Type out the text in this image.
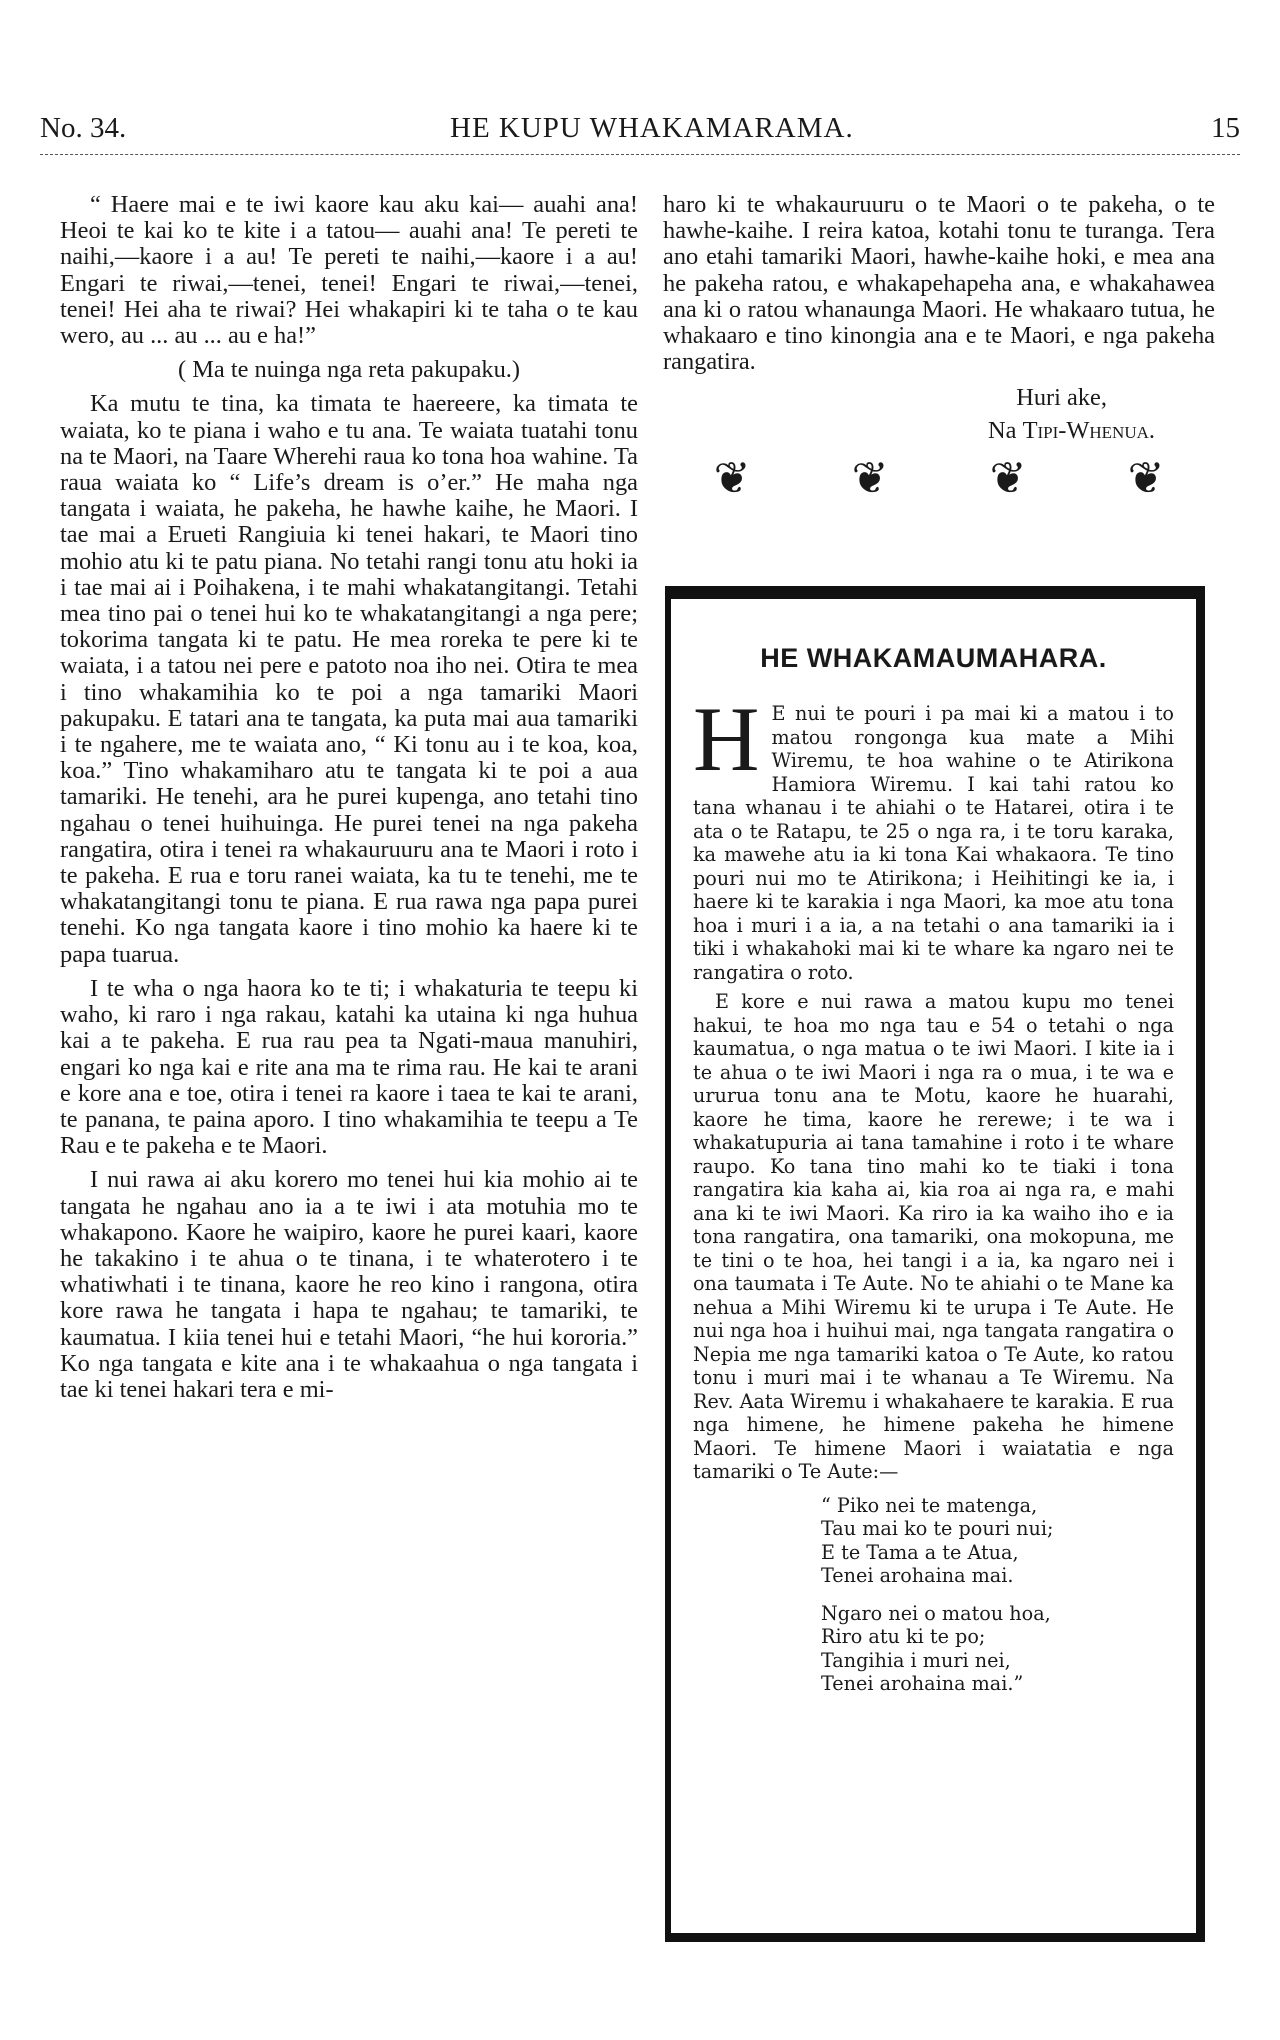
No. 34.	HE KUPU WHAKAMARAMA.	15

“ Haere mai e te iwi kaore kau aku kai— auahi ana! Heoi te kai ko te kite i a tatou— auahi ana! Te pereti te naihi,—kaore i a au! Te pereti te naihi,—kaore i a au! Engari te riwai,—tenei, tenei! Engari te riwai,—tenei, tenei! Hei aha te riwai? Hei whakapiri ki te taha o te kau wero, au ... au ... au e ha!”

( Ma te nuinga nga reta pakupaku.)

Ka mutu te tina, ka timata te haereere, ka timata te waiata, ko te piana i waho e tu ana. Te waiata tuatahi tonu na te Maori, na Taare Wherehi raua ko tona hoa wahine. Ta raua waiata ko “ Life’s dream is o’er.” He maha nga tangata i waiata, he pakeha, he hawhe kaihe, he Maori. I tae mai a Erueti Rangiuia ki tenei hakari, te Maori tino mohio atu ki te patu piana. No tetahi rangi tonu atu hoki ia i tae mai ai i Poihakena, i te mahi whakatangitangi. Tetahi mea tino pai o tenei hui ko te whakatangitangi a nga pere; tokorima tangata ki te patu. He mea roreka te pere ki te waiata, i a tatou nei pere e patoto noa iho nei. Otira te mea i tino whakamihia ko te poi a nga tamariki Maori pakupaku. E tatari ana te tangata, ka puta mai aua tamariki i te ngahere, me te waiata ano, “ Ki tonu au i te koa, koa, koa.” Tino whakamiharo atu te tangata ki te poi a aua tamariki. He tenehi, ara he purei kupenga, ano tetahi tino ngahau o tenei huihuinga. He purei tenei na nga pakeha rangatira, otira i tenei ra whakauruuru ana te Maori i roto i te pakeha. E rua e toru ranei waiata, ka tu te tenehi, me te whakatangitangi tonu te piana. E rua rawa nga papa purei tenehi. Ko nga tangata kaore i tino mohio ka haere ki te papa tuarua.

I te wha o nga haora ko te ti; i whakaturia te teepu ki waho, ki raro i nga rakau, katahi ka utaina ki nga huhua kai a te pakeha. E rua rau pea ta Ngati-maua manuhiri, engari ko nga kai e rite ana ma te rima rau. He kai te arani e kore ana e toe, otira i tenei ra kaore i taea te kai te arani, te panana, te paina aporo. I tino whakamihia te teepu a Te Rau e te pakeha e te Maori.

I nui rawa ai aku korero mo tenei hui kia mohio ai te tangata he ngahau ano ia a te iwi i ata motuhia mo te whakapono. Kaore he waipiro, kaore he purei kaari, kaore he takakino i te ahua o te tinana, i te whaterotero i te whatiwhati i te tinana, kaore he reo kino i rangona, otira kore rawa he tangata i hapa te ngahau; te tamariki, te kaumatua. I kiia tenei hui e tetahi Maori, “he hui kororia.” Ko nga tangata e kite ana i te whakaahua o nga tangata i tae ki tenei hakari tera e mi-

haro ki te whakauruuru o te Maori o te pakeha, o te hawhe-kaihe. I reira katoa, kotahi tonu te turanga. Tera ano etahi tamariki Maori, hawhe-kaihe hoki, e mea ana he pakeha ratou, e whakapehapeha ana, e whakahawea ana ki o ratou whanaunga Maori. He whakaaro tutua, he whakaaro e tino kinongia ana e te Maori, e nga pakeha rangatira.

Huri ake,

Na Tipi-Whenua.

❦ ❦ ❦ ❦
HE WHAKAMAUMAHARA.

H E nui te pouri i pa mai ki a matou i to matou rongonga kua mate a Mihi Wiremu, te hoa wahine o te Atirikona Hamiora Wiremu. I kai tahi ratou ko tana whanau i te ahiahi o te Hatarei, otira i te ata o te Ratapu, te 25 o nga ra, i te toru karaka, ka mawehe atu ia ki tona Kai whakaora. Te tino pouri nui mo te Atirikona; i Heihitingi ke ia, i haere ki te karakia i nga Maori, ka moe atu tona hoa i muri i a ia, a na tetahi o ana tamariki ia i tiki i whakahoki mai ki te whare ka ngaro nei te rangatira o roto.

E kore e nui rawa a matou kupu mo tenei hakui, te hoa mo nga tau e 54 o tetahi o nga kaumatua, o nga matua o te iwi Maori. I kite ia i te ahua o te iwi Maori i nga ra o mua, i te wa e ururua tonu ana te Motu, kaore he huarahi, kaore he tima, kaore he rerewe; i te wa i whakatupuria ai tana tamahine i roto i te whare raupo. Ko tana tino mahi ko te tiaki i tona rangatira kia kaha ai, kia roa ai nga ra, e mahi ana ki te iwi Maori. Ka riro ia ka waiho iho e ia tona rangatira, ona tamariki, ona mokopuna, me te tini o te hoa, hei tangi i a ia, ka ngaro nei i ona taumata i Te Aute. No te ahiahi o te Mane ka nehua a Mihi Wiremu ki te urupa i Te Aute. He nui nga hoa i huihui mai, nga tangata rangatira o Nepia me nga tamariki katoa o Te Aute, ko ratou tonu i muri mai i te whanau a Te Wiremu. Na Rev. Aata Wiremu i whakahaere te karakia. E rua nga himene, he himene pakeha he himene Maori. Te himene Maori i waiatatia e nga tamariki o Te Aute:—

“ Piko nei te matenga,
Tau mai ko te pouri nui;
E te Tama a te Atua,
Tenei arohaina mai.
Ngaro nei o matou hoa,
Riro atu ki te po;
Tangihia i muri nei,
Tenei arohaina mai.”
